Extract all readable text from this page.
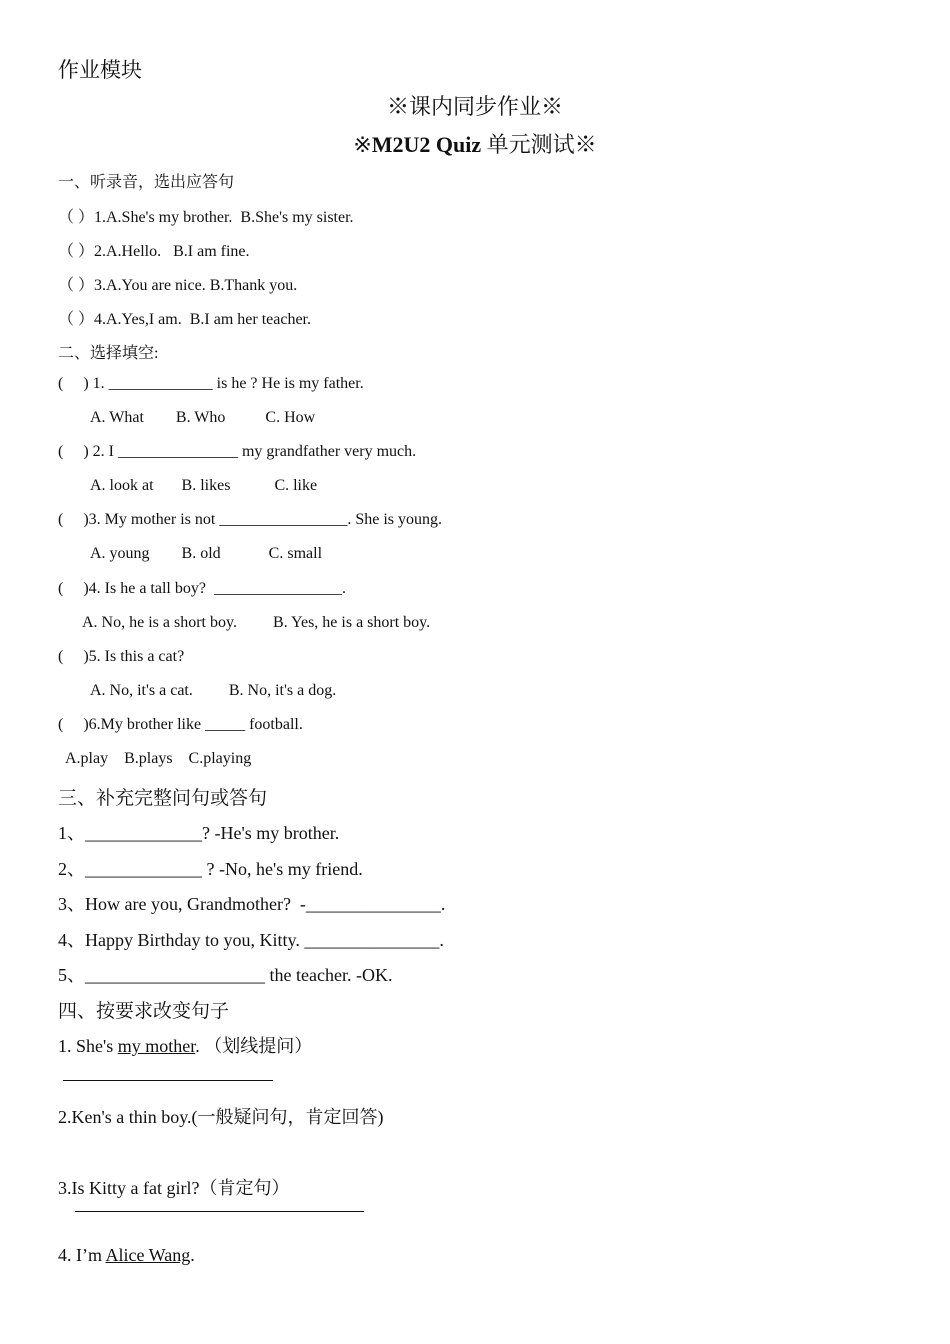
作业模块
※课内同步作业※
※M2U2 Quiz 单元测试※
一、听录音，选出应答句
（ ）1.A.She's my brother.  B.She's my sister.
（ ）2.A.Hello.   B.I am fine.
（ ）3.A.You are nice. B.Thank you.
（ ）4.A.Yes,I am.  B.I am her teacher.
二、选择填空:
(     ) 1. _____________ is he ? He is my father.
A. What        B. Who          C. How
(     ) 2. I _______________ my grandfather very much.
A. look at       B. likes           C. like
(     )3. My mother is not ________________. She is young.
A. young        B. old            C. small
(     )4. Is he a tall boy?  ________________.
A. No, he is a short boy.         B. Yes, he is a short boy.
(     )5. Is this a cat?
A. No, it's a cat.         B. No, it's a dog.
(     )6.My brother like _____ football.
A.play    B.plays    C.playing
三、补充完整问句或答句
1、_____________? -He's my brother.
2、_____________ ? -No, he's my friend.
3、How are you, Grandmother?  -_______________.
4、Happy Birthday to you, Kitty. _______________.
5、____________________ the teacher. -OK.
四、按要求改变句子
1. She's my mother. （划线提问）
2.Ken's a thin boy.(一般疑问句，肯定回答)
3.Is Kitty a fat girl?（肯定句）
4. I’m Alice Wang.
